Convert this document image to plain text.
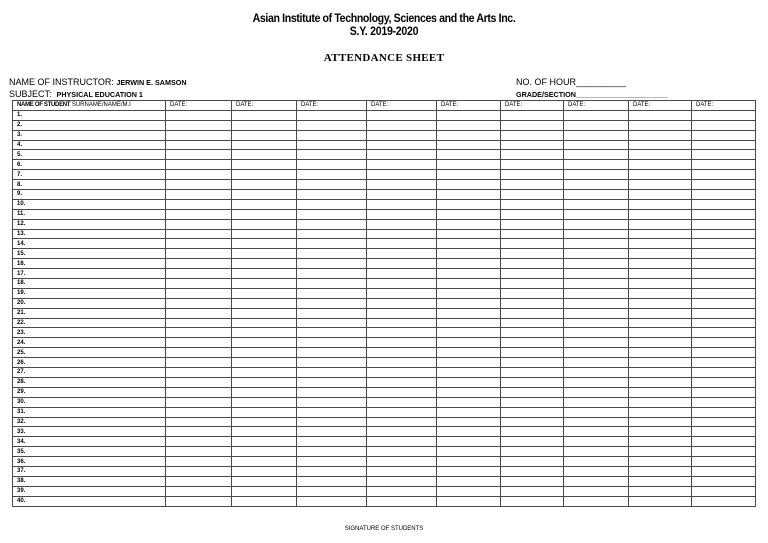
Asian Institute of Technology, Sciences and the Arts Inc.
S.Y. 2019-2020
ATTENDANCE SHEET
NAME OF INSTRUCTOR: JERWIN E. SAMSON
SUBJECT: PHYSICAL EDUCATION 1
NO. OF HOUR__________
GRADE/SECTION_______________________
NAME OF STUDENT SURNAME/NAME/M.I	DATE:	DATE:	DATE:	DATE:	DATE:	DATE:	DATE:	DATE:	DATE:
1.									
2.									
3.									
4.									
5.									
6.									
7.									
8.									
9.									
10.									
11.									
12.									
13.									
14.									
15.									
16.									
17.									
18.									
19.									
20.									
21.									
22.									
23.									
24.									
25.									
26.									
27.									
28.									
29.									
30.									
31.									
32.									
33.									
34.									
35.									
36.									
37.									
38.									
39.									
40.									
SIGNATURE OF STUDENTS
